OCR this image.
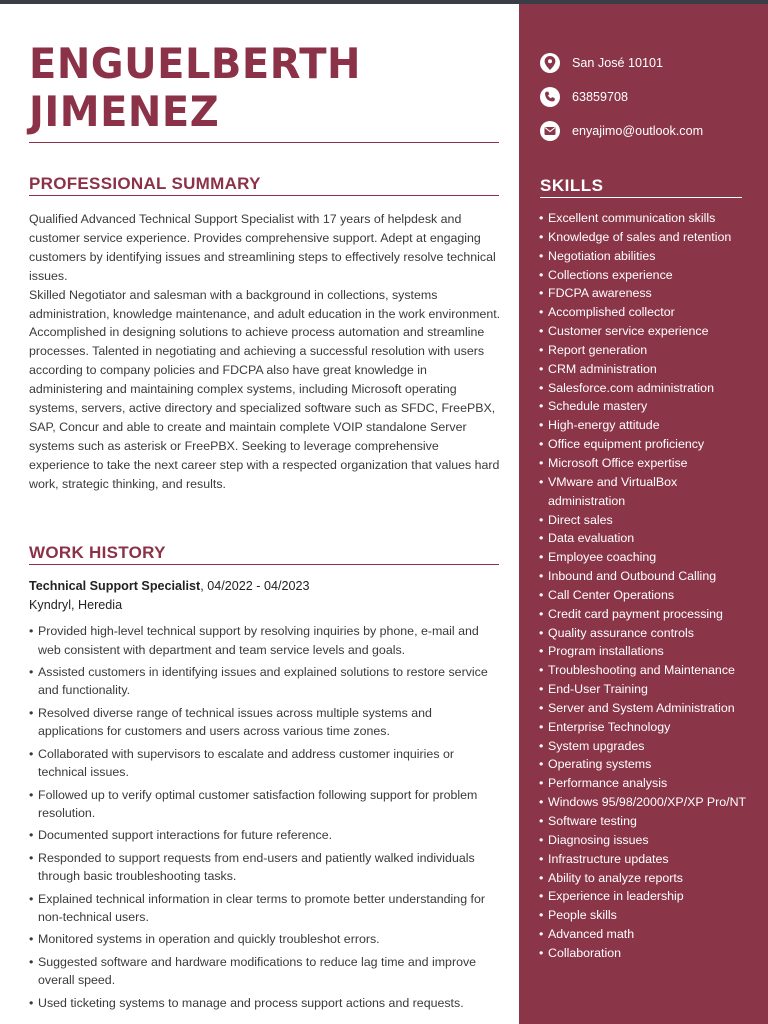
ENGUELBERTH
JIMENEZ
PROFESSIONAL SUMMARY

Qualified Advanced Technical Support Specialist with 17 years of helpdesk and customer service experience. Provides comprehensive support. Adept at engaging customers by identifying issues and streamlining steps to effectively resolve technical issues.

Skilled Negotiator and salesman with a background in collections, systems administration, knowledge maintenance, and adult education in the work environment. Accomplished in designing solutions to achieve process automation and streamline processes. Talented in negotiating and achieving a successful resolution with users according to company policies and FDCPA also have great knowledge in administering and maintaining complex systems, including Microsoft operating systems, servers, active directory and specialized software such as SFDC, FreePBX, SAP, Concur and able to create and maintain complete VOIP standalone Server systems such as asterisk or FreePBX. Seeking to leverage comprehensive experience to take the next career step with a respected organization that values hard work, strategic thinking, and results.

WORK HISTORY
Technical Support Specialist, 04/2022 - 04/2023
Kyndryl, Heredia
• Provided high-level technical support by resolving inquiries by phone, e-mail and web consistent with department and team service levels and goals.
• Assisted customers in identifying issues and explained solutions to restore service and functionality.
• Resolved diverse range of technical issues across multiple systems and applications for customers and users across various time zones.
• Collaborated with supervisors to escalate and address customer inquiries or technical issues.
• Followed up to verify optimal customer satisfaction following support for problem resolution.
• Documented support interactions for future reference.
• Responded to support requests from end-users and patiently walked individuals through basic troubleshooting tasks.
• Explained technical information in clear terms to promote better understanding for non-technical users.
• Monitored systems in operation and quickly troubleshot errors.
• Suggested software and hardware modifications to reduce lag time and improve overall speed.
• Used ticketing systems to manage and process support actions and requests.
San José 10101
63859708
enyajimo@outlook.com
SKILLS
• Excellent communication skills
• Knowledge of sales and retention
• Negotiation abilities
• Collections experience
• FDCPA awareness
• Accomplished collector
• Customer service experience
• Report generation
• CRM administration
• Salesforce.com administration
• Schedule mastery
• High-energy attitude
• Office equipment proficiency
• Microsoft Office expertise
• VMware and VirtualBox administration
• Direct sales
• Data evaluation
• Employee coaching
• Inbound and Outbound Calling
• Call Center Operations
• Credit card payment processing
• Quality assurance controls
• Program installations
• Troubleshooting and Maintenance
• End-User Training
• Server and System Administration
• Enterprise Technology
• System upgrades
• Operating systems
• Performance analysis
• Windows 95/98/2000/XP/XP Pro/NT
• Software testing
• Diagnosing issues
• Infrastructure updates
• Ability to analyze reports
• Experience in leadership
• People skills
• Advanced math
• Collaboration
